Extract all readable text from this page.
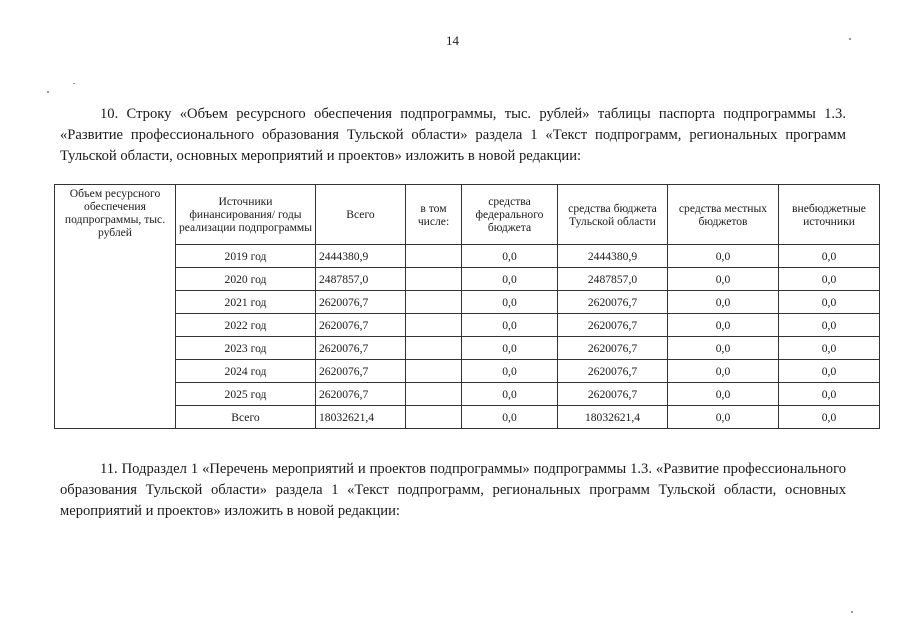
14
10. Строку «Объем ресурсного обеспечения подпрограммы, тыс. рублей» таблицы паспорта подпрограммы 1.3. «Развитие профессионального образования Тульской области» раздела 1 «Текст подпрограмм, региональных программ Тульской области, основных мероприятий и проектов» изложить в новой редакции:
Объем ресурсного обеспечения подпрограммы, тыс. рублей	Источники финансирования/ годы реализации подпрограммы	Всего	в том числе:	средства федерального бюджета	средства бюджета Тульской области	средства местных бюджетов	внебюджетные источники
	2019 год	2444380,9		0,0	2444380,9	0,0	0,0
	2020 год	2487857,0		0,0	2487857,0	0,0	0,0
	2021 год	2620076,7		0,0	2620076,7	0,0	0,0
	2022 год	2620076,7		0,0	2620076,7	0,0	0,0
	2023 год	2620076,7		0,0	2620076,7	0,0	0,0
	2024 год	2620076,7		0,0	2620076,7	0,0	0,0
	2025 год	2620076,7		0,0	2620076,7	0,0	0,0
	Всего	18032621,4		0,0	18032621,4	0,0	0,0
11. Подраздел 1 «Перечень мероприятий и проектов подпрограммы» подпрограммы 1.3. «Развитие профессионального образования Тульской области» раздела 1 «Текст подпрограмм, региональных программ Тульской области, основных мероприятий и проектов» изложить в новой редакции:
